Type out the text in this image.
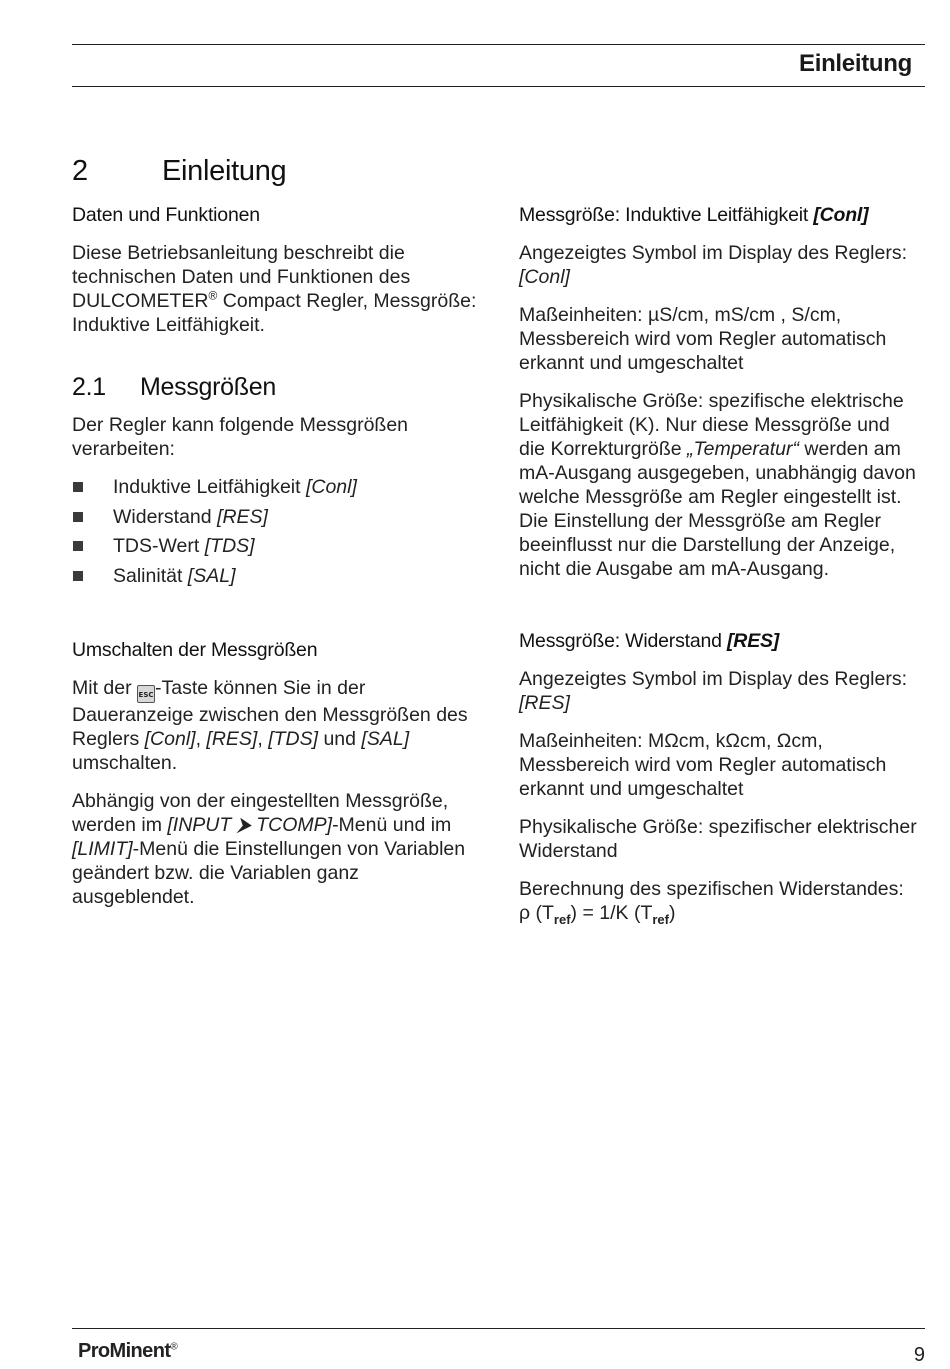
Einleitung
2	Einleitung
Daten und Funktionen

Diese Betriebsanleitung beschreibt die technischen Daten und Funktionen des DULCOMETER® Compact Regler, Messgröße: Induktive Leitfähigkeit.

2.1 Messgrößen

Der Regler kann folgende Messgrößen verarbeiten:

Induktive Leitfähigkeit [Conl]
Widerstand [RES]
TDS-Wert [TDS]
Salinität [SAL]
Umschalten der Messgrößen

Mit der ESC-Taste können Sie in der Daueranzeige zwischen den Messgrößen des Reglers [Conl], [RES], [TDS] und [SAL] umschalten.

Abhängig von der eingestellten Messgröße, werden im [INPUT ⮞ TCOMP]-Menü und im [LIMIT]-Menü die Einstellungen von Variablen geändert bzw. die Variablen ganz ausgeblendet.

Messgröße: Induktive Leitfähigkeit [Conl]

Angezeigtes Symbol im Display des Reglers: [Conl]

Maßeinheiten: µS/cm, mS/cm , S/cm, Messbereich wird vom Regler automatisch erkannt und umgeschaltet

Physikalische Größe: spezifische elektrische Leitfähigkeit (Κ). Nur diese Messgröße und die Korrekturgröße „Temperatur“ werden am mA-Ausgang ausgegeben, unabhängig davon welche Messgröße am Regler eingestellt ist. Die Einstellung der Messgröße am Regler beeinflusst nur die Darstellung der Anzeige, nicht die Ausgabe am mA-Ausgang.

Messgröße: Widerstand [RES]

Angezeigtes Symbol im Display des Reglers: [RES]

Maßeinheiten: MΩcm, kΩcm, Ωcm, Messbereich wird vom Regler automatisch erkannt und umgeschaltet

Physikalische Größe: spezifischer elektrischer Widerstand

Berechnung des spezifischen Widerstandes: ρ $(T_{ref}) = 1/K$ $(T_{ref})$

ProMinent®	9
